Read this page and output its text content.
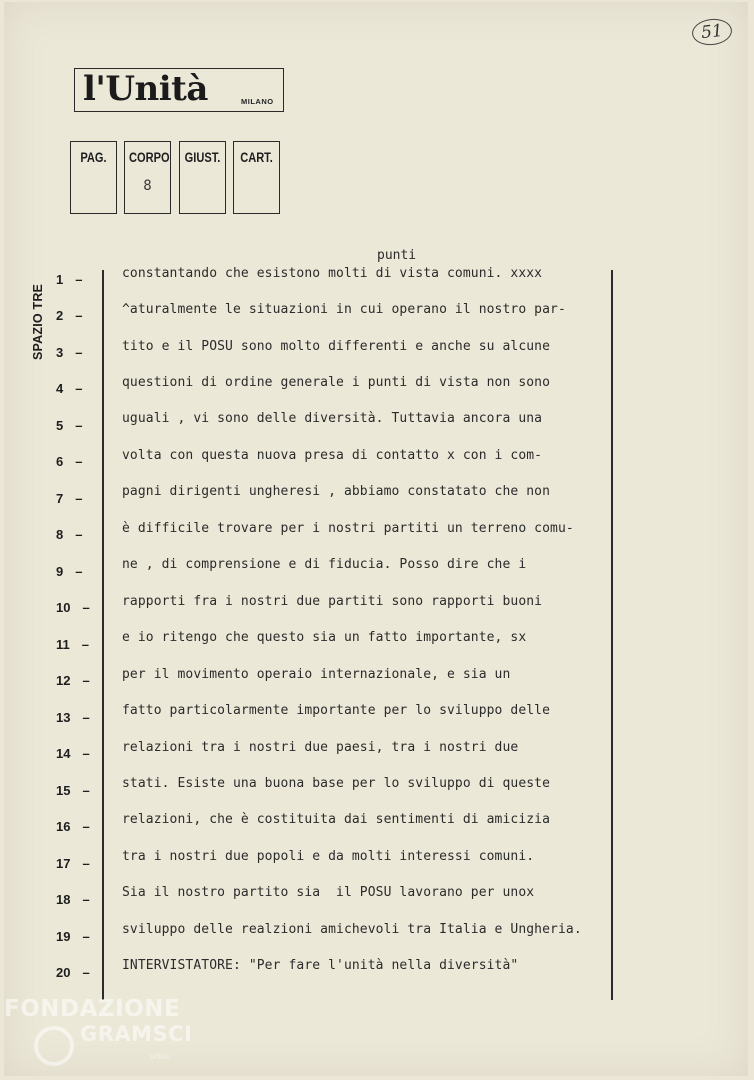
51
l'Unità	MILANO
PAG.	CORPO
8
GIUST. CART.
SPAZIO TRE
punti
1 –
2 –
3 –
4 –
5 –
6 –
7 –
8 –
9 –
10 –
11 –
12 –
13 –
14 –
15 –
16 –
17 –
18 –
19 –
20 –
constantando che esistono molti di vista comuni. xxxx
^aturalmente le situazioni in cui operano il nostro par-
tito e il POSU sono molto differenti e anche su alcune
questioni di ordine generale i punti di vista non sono
uguali , vi sono delle diversità. Tuttavia ancora una
volta con questa nuova presa di contatto x con i com-
pagni dirigenti ungheresi , abbiamo constatato che non
è difficile trovare per i nostri partiti un terreno comu-
ne , di comprensione e di fiducia. Posso dire che i
rapporti fra i nostri due partiti sono rapporti buoni
e io ritengo che questo sia un fatto importante, sx
per il movimento operaio internazionale, e sia un
fatto particolarmente importante per lo sviluppo delle
relazioni tra i nostri due paesi, tra i nostri due
stati. Esiste una buona base per lo sviluppo di queste
relazioni, che è costituita dai sentimenti di amicizia
tra i nostri due popoli e da molti interessi comuni.
Sia il nostro partito sia  il POSU lavorano per unox
sviluppo delle realzioni amichevoli tra Italia e Ungheria.
INTERVISTATORE: "Per fare l'unità nella diversità"
FONDAZIONE
GRAMSCI
onlus
